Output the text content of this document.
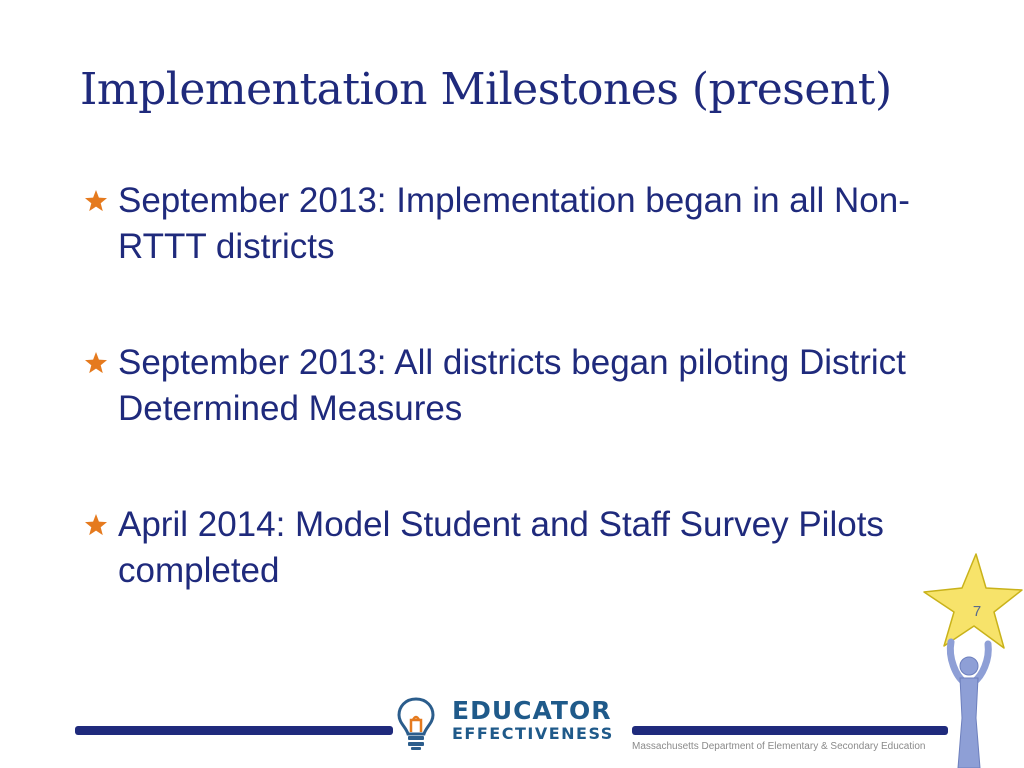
Implementation Milestones (present)
September 2013: Implementation began in all Non-RTTT districts
September 2013: All districts began piloting District Determined Measures
April 2014: Model Student and Staff Survey Pilots completed
7
EDUCATOR
EFFECTIVENESS
Massachusetts Department of Elementary & Secondary Education
